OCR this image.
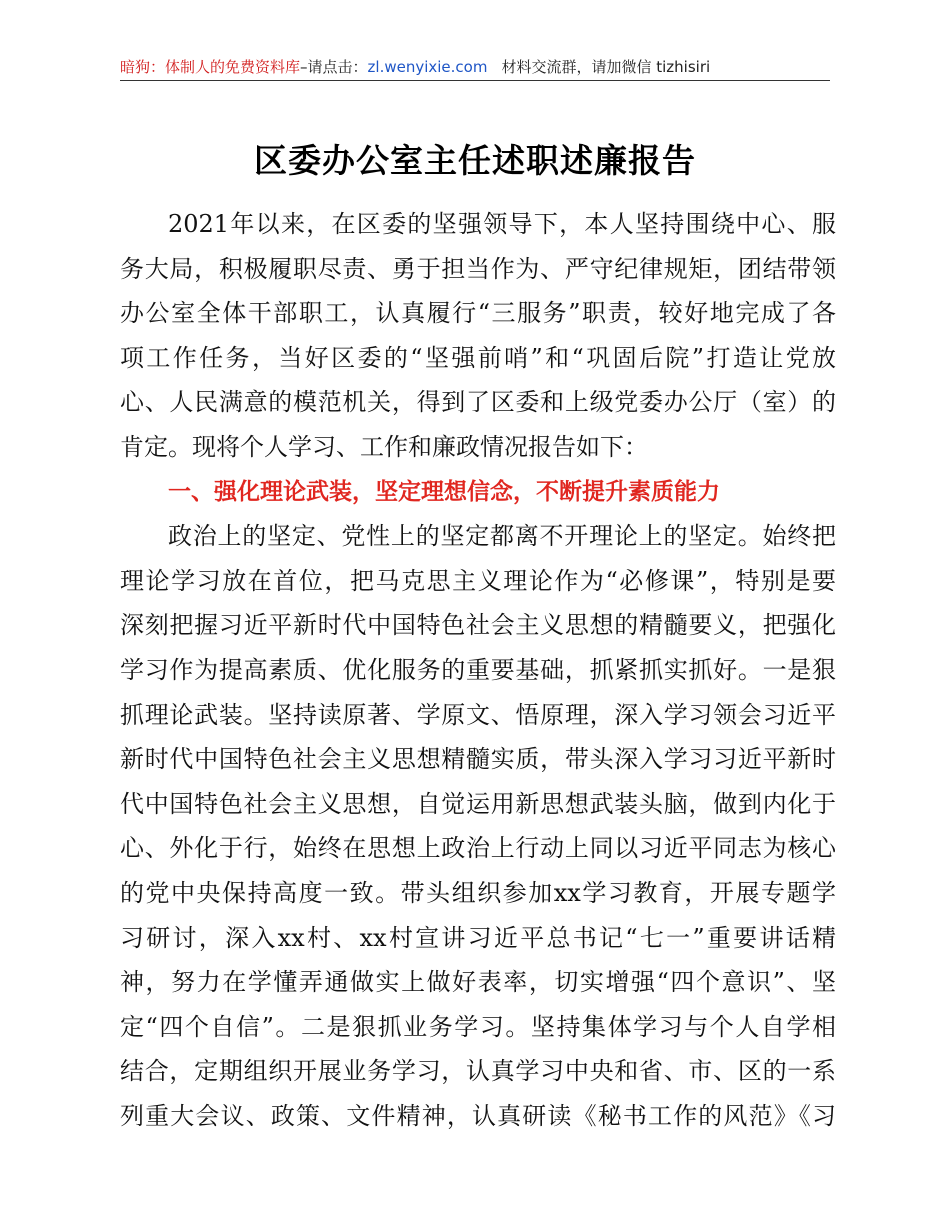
暗狗：体制人的免费资料库–请点击：zl.wenyixie.com 材料交流群，请加微信 tizhisiri
区委办公室主任述职述廉报告
2021年以来，在区委的坚强领导下，本人坚持围绕中心、服
务大局，积极履职尽责、勇于担当作为、严守纪律规矩，团结带领
办公室全体干部职工，认真履行“三服务”职责，较好地完成了各
项工作任务，当好区委的“坚强前哨”和“巩固后院”打造让党放
心、人民满意的模范机关，得到了区委和上级党委办公厅（室）的
肯定。现将个人学习、工作和廉政情况报告如下：
一、强化理论武装，坚定理想信念，不断提升素质能力
政治上的坚定、党性上的坚定都离不开理论上的坚定。始终把
理论学习放在首位，把马克思主义理论作为“必修课”，特别是要
深刻把握习近平新时代中国特色社会主义思想的精髓要义，把强化
学习作为提高素质、优化服务的重要基础，抓紧抓实抓好。一是狠
抓理论武装。坚持读原著、学原文、悟原理，深入学习领会习近平
新时代中国特色社会主义思想精髓实质，带头深入学习习近平新时
代中国特色社会主义思想，自觉运用新思想武装头脑，做到内化于
心、外化于行，始终在思想上政治上行动上同以习近平同志为核心
的党中央保持高度一致。带头组织参加xx学习教育，开展专题学
习研讨，深入xx村、xx村宣讲习近平总书记“七一”重要讲话精
神，努力在学懂弄通做实上做好表率，切实增强“四个意识”、坚
定“四个自信”。二是狠抓业务学习。坚持集体学习与个人自学相
结合，定期组织开展业务学习，认真学习中央和省、市、区的一系
列重大会议、政策、文件精神，认真研读《秘书工作的风范》《习
